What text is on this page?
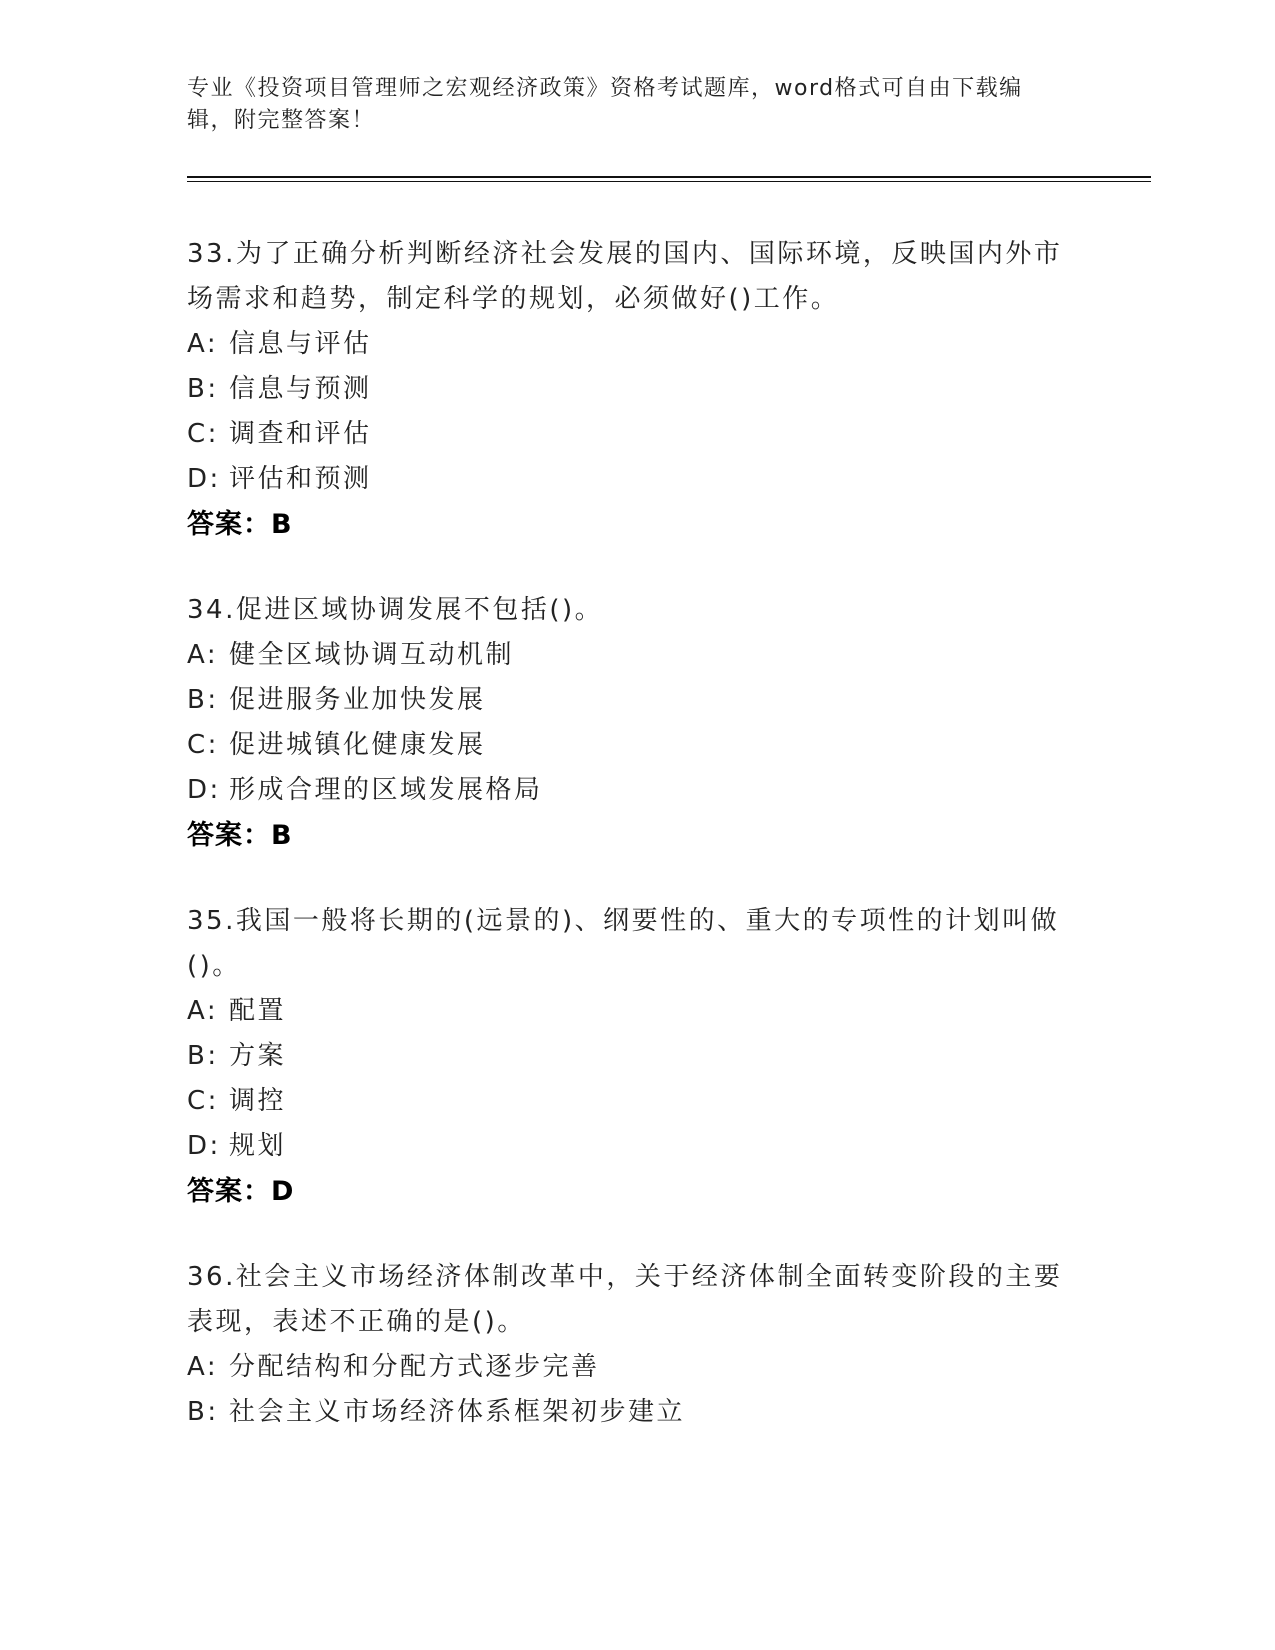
专业《投资项目管理师之宏观经济政策》资格考试题库，word格式可自由下载编辑，附完整答案！

33.为了正确分析判断经济社会发展的国内、国际环境，反映国内外市场需求和趋势，制定科学的规划，必须做好()工作。

A: 信息与评估
B: 信息与预测
C: 调查和评估
D: 评估和预测
答案：B

34.促进区域协调发展不包括()。

A: 健全区域协调互动机制
B: 促进服务业加快发展
C: 促进城镇化健康发展
D: 形成合理的区域发展格局
答案：B

35.我国一般将长期的(远景的)、纲要性的、重大的专项性的计划叫做()。

A: 配置
B: 方案
C: 调控
D: 规划
答案：D

36.社会主义市场经济体制改革中，关于经济体制全面转变阶段的主要表现，表述不正确的是()。

A: 分配结构和分配方式逐步完善
B: 社会主义市场经济体系框架初步建立
